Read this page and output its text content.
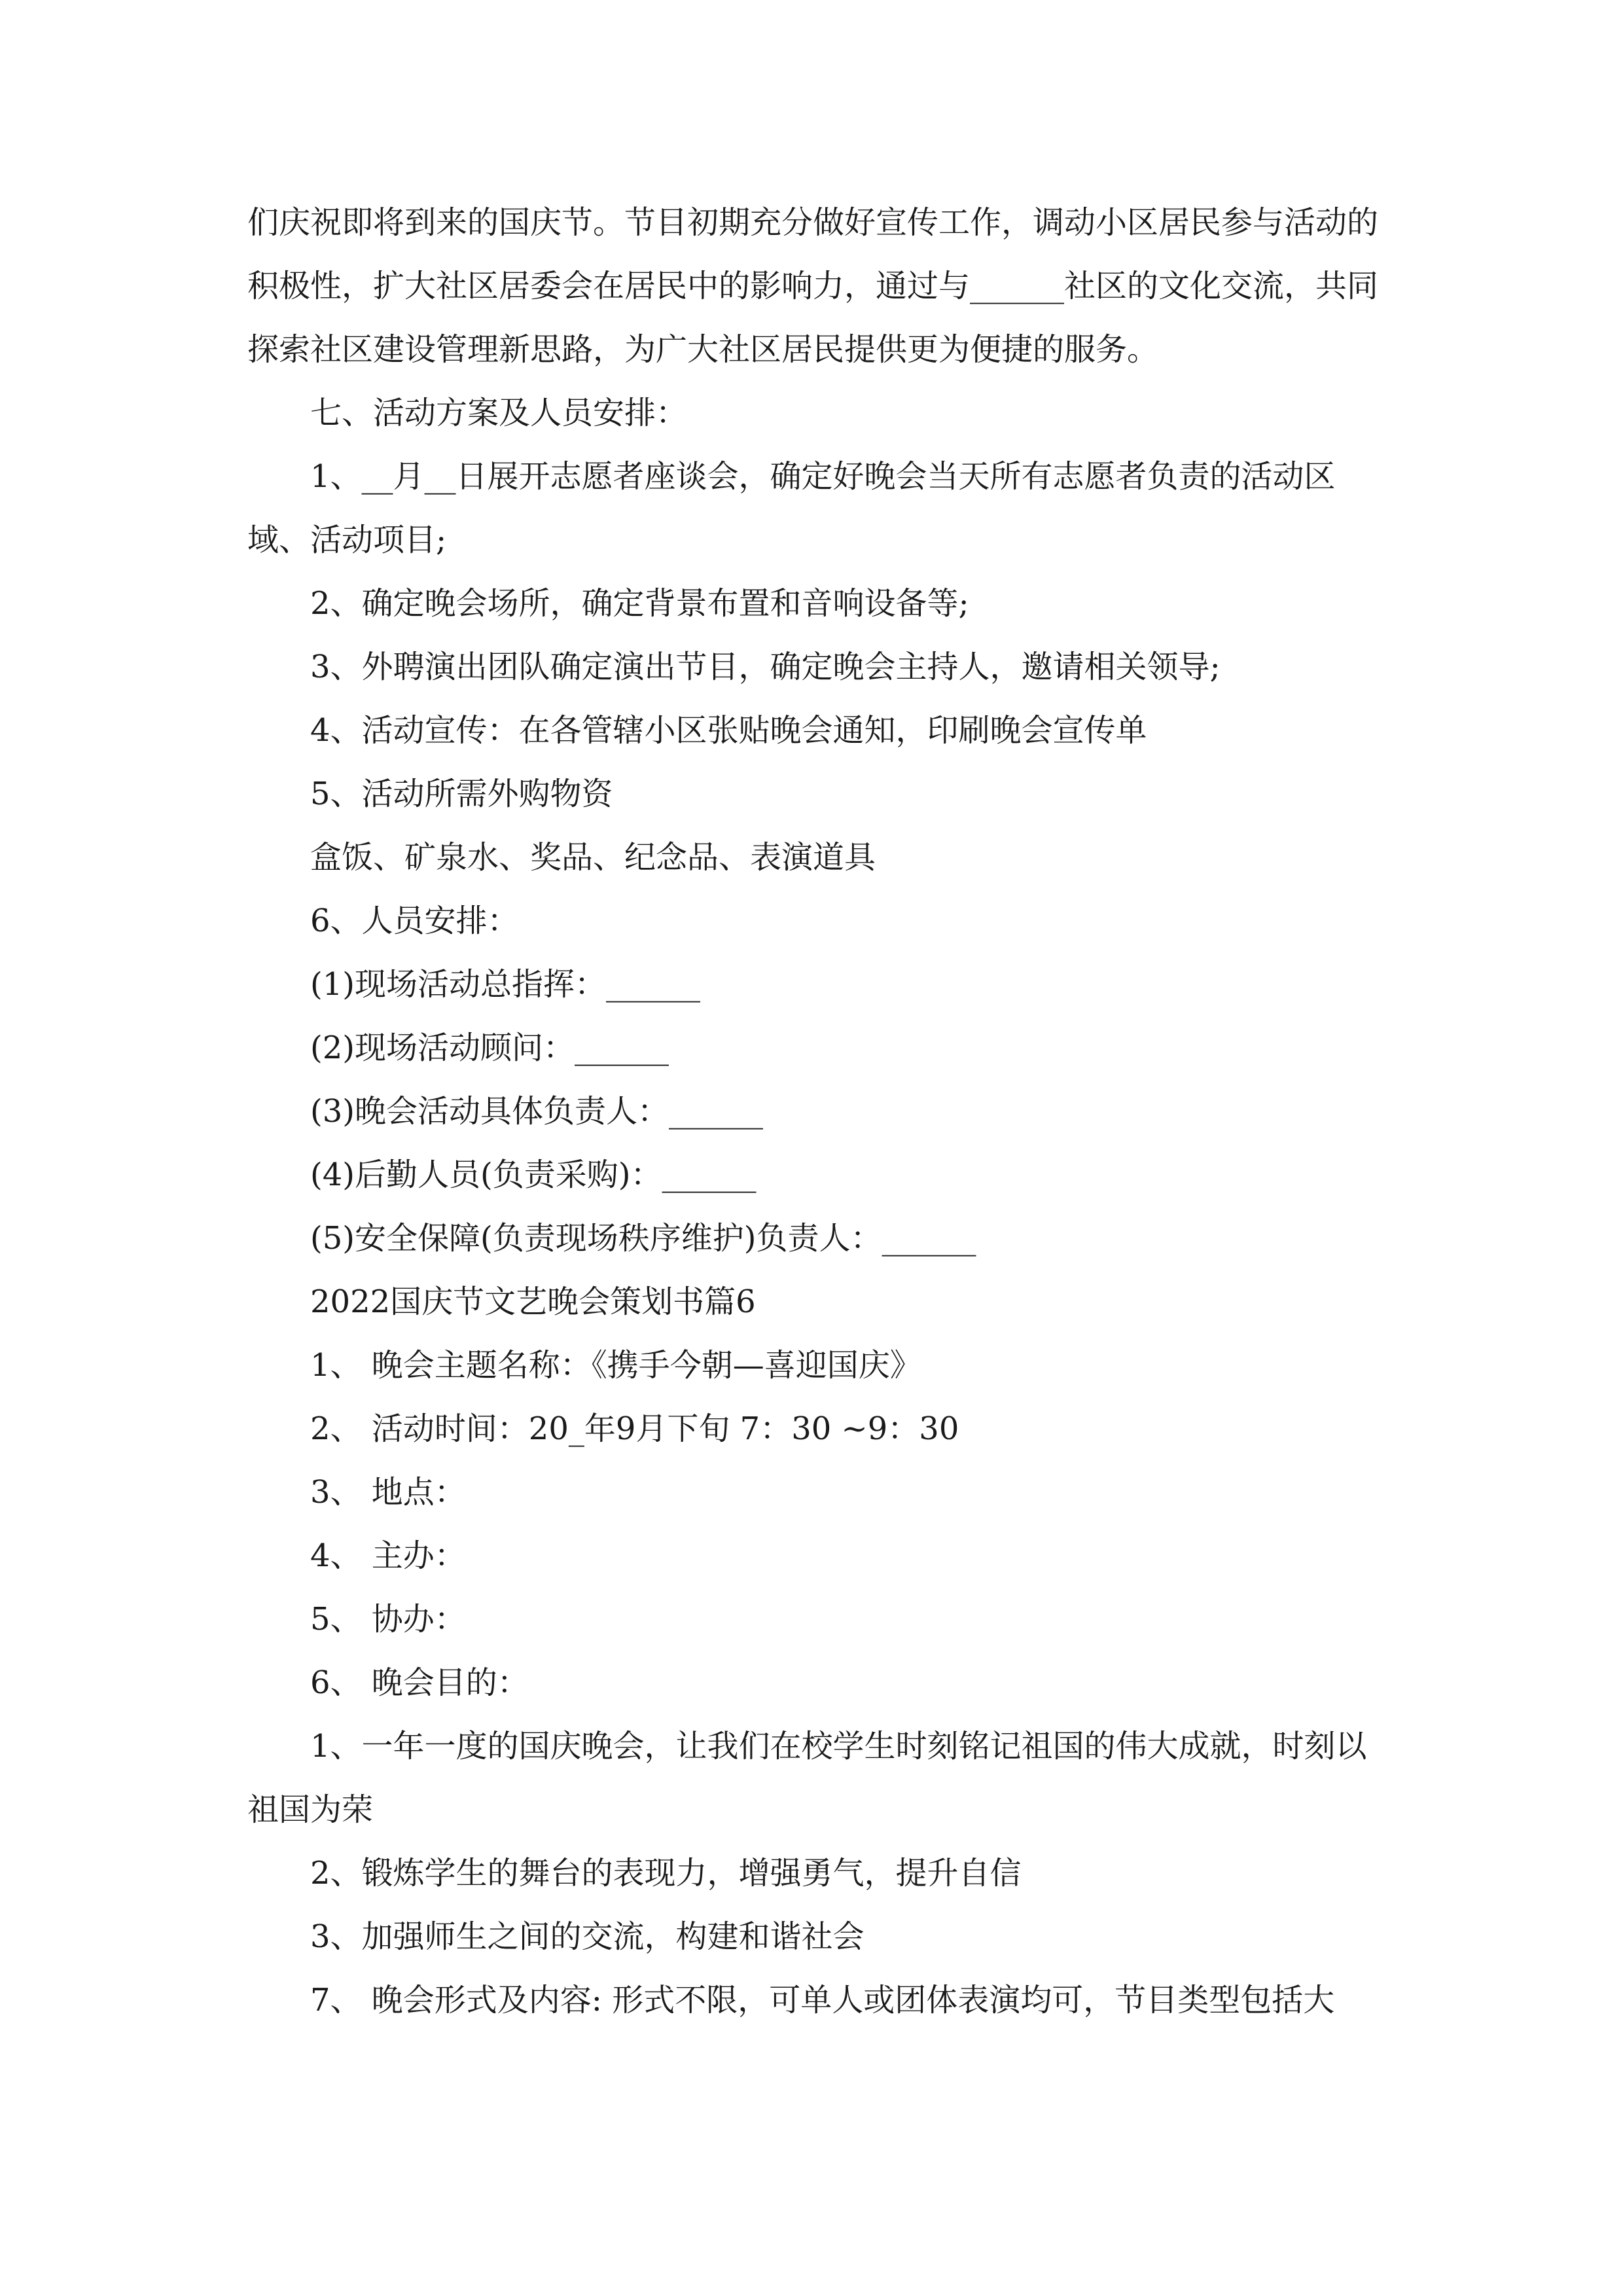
们庆祝即将到来的国庆节。节目初期充分做好宣传工作，调动小区居民参与活动的积极性，扩大社区居委会在居民中的影响力，通过与______社区的文化交流，共同探索社区建设管理新思路，为广大社区居民提供更为便捷的服务。

七、活动方案及人员安排：

1、__月__日展开志愿者座谈会，确定好晚会当天所有志愿者负责的活动区域、活动项目;

2、确定晚会场所，确定背景布置和音响设备等;

3、外聘演出团队确定演出节目，确定晚会主持人，邀请相关领导;

4、活动宣传：在各管辖小区张贴晚会通知，印刷晚会宣传单

5、活动所需外购物资

盒饭、矿泉水、奖品、纪念品、表演道具

6、人员安排：

(1)现场活动总指挥：______

(2)现场活动顾问：______

(3)晚会活动具体负责人：______

(4)后勤人员(负责采购)：______

(5)安全保障(负责现场秩序维护)负责人：______

2022国庆节文艺晚会策划书篇6

1、 晚会主题名称：《携手今朝—喜迎国庆》

2、 活动时间：20_年9月下旬 7：30 ~9：30

3、 地点：

4、 主办：

5、 协办：

6、 晚会目的：

1、一年一度的国庆晚会，让我们在校学生时刻铭记祖国的伟大成就，时刻以祖国为荣

2、锻炼学生的舞台的表现力，增强勇气，提升自信

3、加强师生之间的交流，构建和谐社会

7、 晚会形式及内容: 形式不限，可单人或团体表演均可，节目类型包括大
